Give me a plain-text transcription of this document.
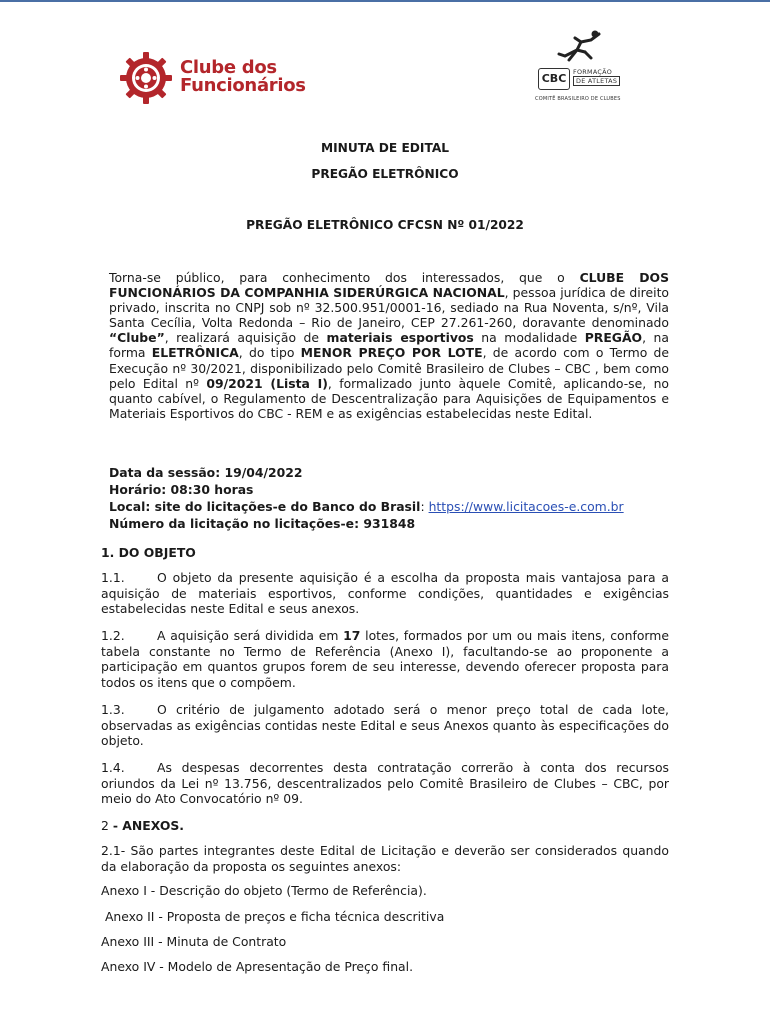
Clube dos
Funcionários	CBC	FORMAÇÃO
DE ATLETAS
COMITÊ BRASILEIRO DE CLUBES
MINUTA DE EDITAL
PREGÃO ELETRÔNICO
PREGÃO ELETRÔNICO CFCSN Nº 01/2022
Torna-se público, para conhecimento dos interessados, que o CLUBE DOS FUNCIONÁRIOS DA COMPANHIA SIDERÚRGICA NACIONAL, pessoa jurídica de direito privado, inscrita no CNPJ sob nº 32.500.951/0001-16, sediado na Rua Noventa, s/nº, Vila Santa Cecília, Volta Redonda – Rio de Janeiro, CEP 27.261-260, doravante denominado “Clube”, realizará aquisição de materiais esportivos na modalidade PREGÃO, na forma ELETRÔNICA, do tipo MENOR PREÇO POR LOTE, de acordo com o Termo de Execução nº 30/2021, disponibilizado pelo Comitê Brasileiro de Clubes – CBC , bem como pelo Edital nº 09/2021 (Lista I), formalizado junto àquele Comitê, aplicando-se, no quanto cabível, o Regulamento de Descentralização para Aquisições de Equipamentos e Materiais Esportivos do CBC - REM e as exigências estabelecidas neste Edital.
Data da sessão: 19/04/2022
Horário: 08:30 horas
Local: site do licitações-e do Banco do Brasil: https://www.licitacoes-e.com.br
Número da licitação no licitações-e: 931848
1. DO OBJETO
1.1.	O objeto da presente aquisição é a escolha da proposta mais vantajosa para a aquisição de materiais esportivos, conforme condições, quantidades e exigências estabelecidas neste Edital e seus anexos.
1.2.	A aquisição será dividida em 17 lotes, formados por um ou mais itens, conforme tabela constante no Termo de Referência (Anexo I), facultando-se ao proponente a participação em quantos grupos forem de seu interesse, devendo oferecer proposta para todos os itens que o compõem.
1.3.	O critério de julgamento adotado será o menor preço total de cada lote, observadas as exigências contidas neste Edital e seus Anexos quanto às especificações do objeto.
1.4.	As despesas decorrentes desta contratação correrão à conta dos recursos oriundos da Lei nº 13.756, descentralizados pelo Comitê Brasileiro de Clubes – CBC, por meio do Ato Convocatório nº 09.
2 - ANEXOS.
2.1- São partes integrantes deste Edital de Licitação e deverão ser considerados quando da elaboração da proposta os seguintes anexos:
Anexo I - Descrição do objeto (Termo de Referência).
Anexo II - Proposta de preços e ficha técnica descritiva
Anexo III - Minuta de Contrato
Anexo IV - Modelo de Apresentação de Preço final.
